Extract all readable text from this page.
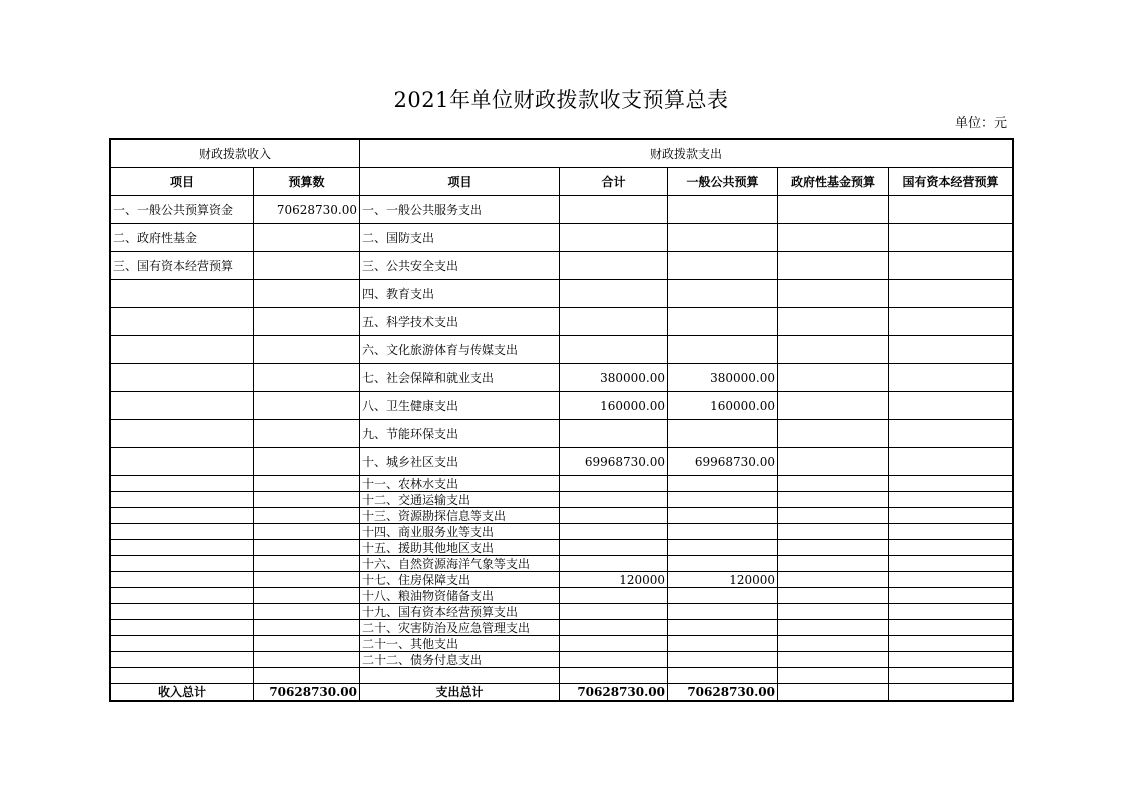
2021年单位财政拨款收支预算总表
单位：元
财政拨款收入		财政拨款支出				
项目	预算数	项目	合计	一般公共预算	政府性基金预算	国有资本经营预算
一、一般公共预算资金	70628730.00	一、一般公共服务支出				
二、政府性基金		二、国防支出				
三、国有资本经营预算		三、公共安全支出				
		四、教育支出				
		五、科学技术支出				
		六、文化旅游体育与传媒支出				
		七、社会保障和就业支出	380000.00	380000.00		
		八、卫生健康支出	160000.00	160000.00		
		九、节能环保支出				
		十、城乡社区支出	69968730.00	69968730.00		
		十一、农林水支出				
		十二、交通运输支出				
		十三、资源勘探信息等支出				
		十四、商业服务业等支出				
		十五、援助其他地区支出				
		十六、自然资源海洋气象等支出				
		十七、住房保障支出	120000	120000		
		十八、粮油物资储备支出				
		十九、国有资本经营预算支出				
		二十、灾害防治及应急管理支出				
		二十一、其他支出				
		二十二、债务付息支出				

收入总计	70628730.00	支出总计	70628730.00	70628730.00		
